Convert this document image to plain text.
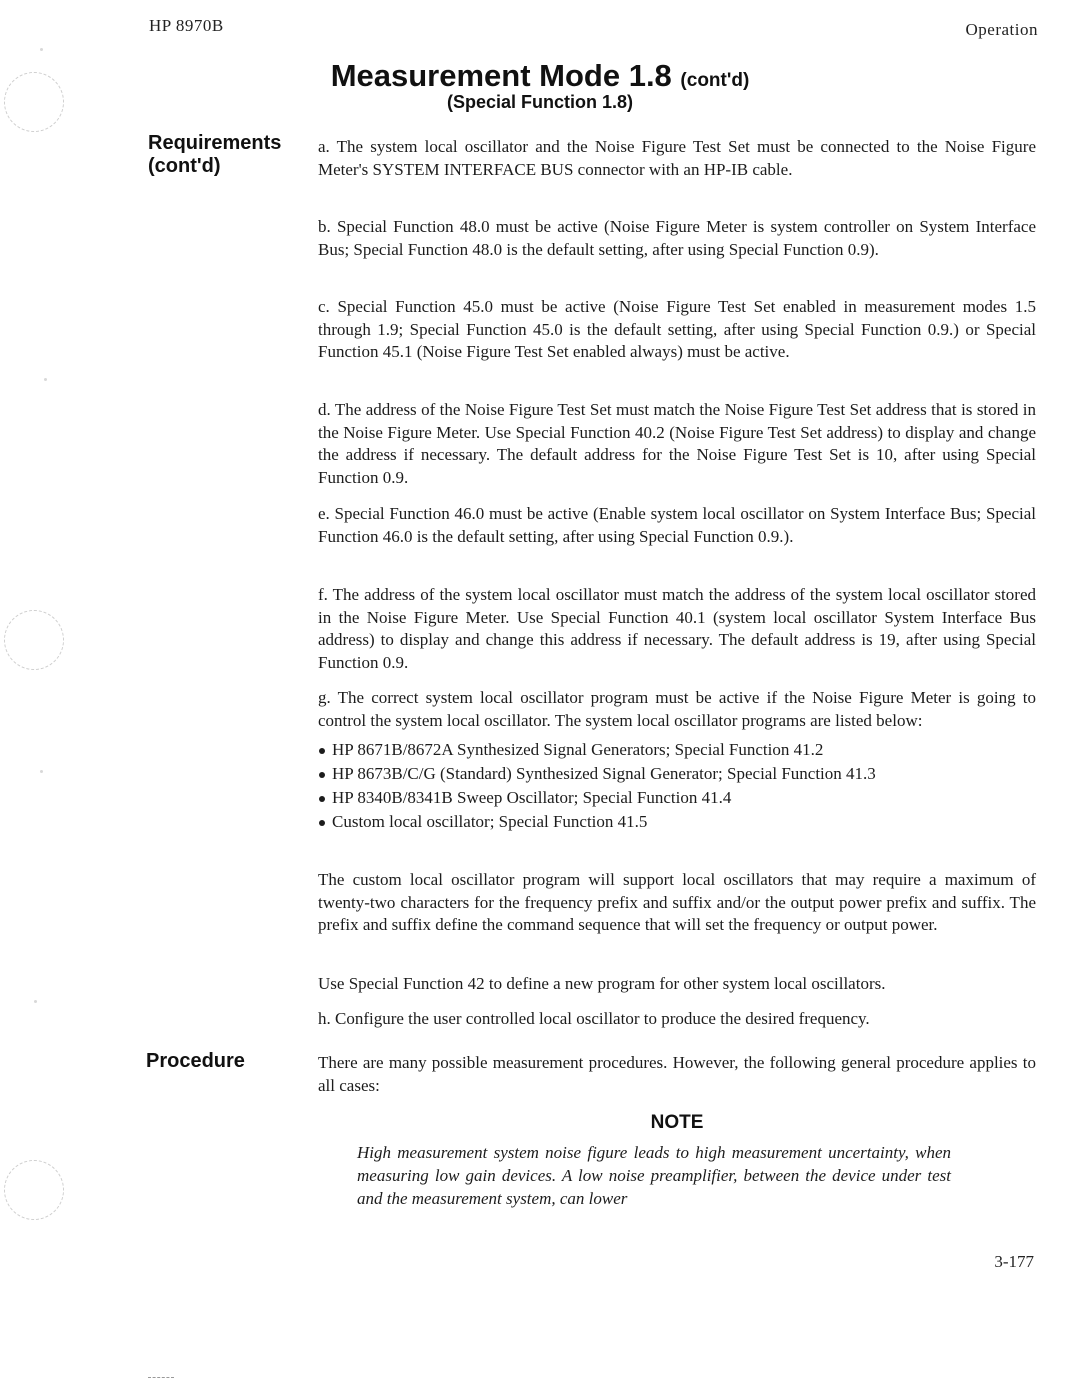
HP 8970B	Operation
Measurement Mode 1.8 (cont'd)
(Special Function 1.8)
Requirements
(cont'd)
Procedure

a. The system local oscillator and the Noise Figure Test Set must be connected to the Noise Figure Meter's SYSTEM INTERFACE BUS connector with an HP-IB cable.

b. Special Function 48.0 must be active (Noise Figure Meter is system controller on System Interface Bus; Special Function 48.0 is the default setting, after using Special Function 0.9).

c. Special Function 45.0 must be active (Noise Figure Test Set enabled in measurement modes 1.5 through 1.9; Special Function 45.0 is the default setting, after using Special Function 0.9.) or Special Function 45.1 (Noise Figure Test Set enabled always) must be active.

d. The address of the Noise Figure Test Set must match the Noise Figure Test Set address that is stored in the Noise Figure Meter. Use Special Function 40.2 (Noise Figure Test Set address) to display and change the address if necessary. The default address for the Noise Figure Test Set is 10, after using Special Function 0.9.

e. Special Function 46.0 must be active (Enable system local oscillator on System Interface Bus; Special Function 46.0 is the default setting, after using Special Function 0.9.).

f. The address of the system local oscillator must match the address of the system local oscillator stored in the Noise Figure Meter. Use Special Function 40.1 (system local oscillator System Interface Bus address) to display and change this address if necessary. The default address is 19, after using Special Function 0.9.

g. The correct system local oscillator program must be active if the Noise Figure Meter is going to control the system local oscillator. The system local oscillator programs are listed below:

HP 8671B/8672A Synthesized Signal Generators; Special Function 41.2
HP 8673B/C/G (Standard) Synthesized Signal Generator; Special Function 41.3
HP 8340B/8341B Sweep Oscillator; Special Function 41.4
Custom local oscillator; Special Function 41.5

The custom local oscillator program will support local oscillators that may require a maximum of twenty-two characters for the frequency prefix and suffix and/or the output power prefix and suffix. The prefix and suffix define the command sequence that will set the frequency or output power.

Use Special Function 42 to define a new program for other system local oscillators.

h. Configure the user controlled local oscillator to produce the desired frequency.

There are many possible measurement procedures. However, the following general procedure applies to all cases:

NOTE

High measurement system noise figure leads to high measurement uncertainty, when measuring low gain devices. A low noise preamplifier, between the device under test and the measurement system, can lower

3-177
